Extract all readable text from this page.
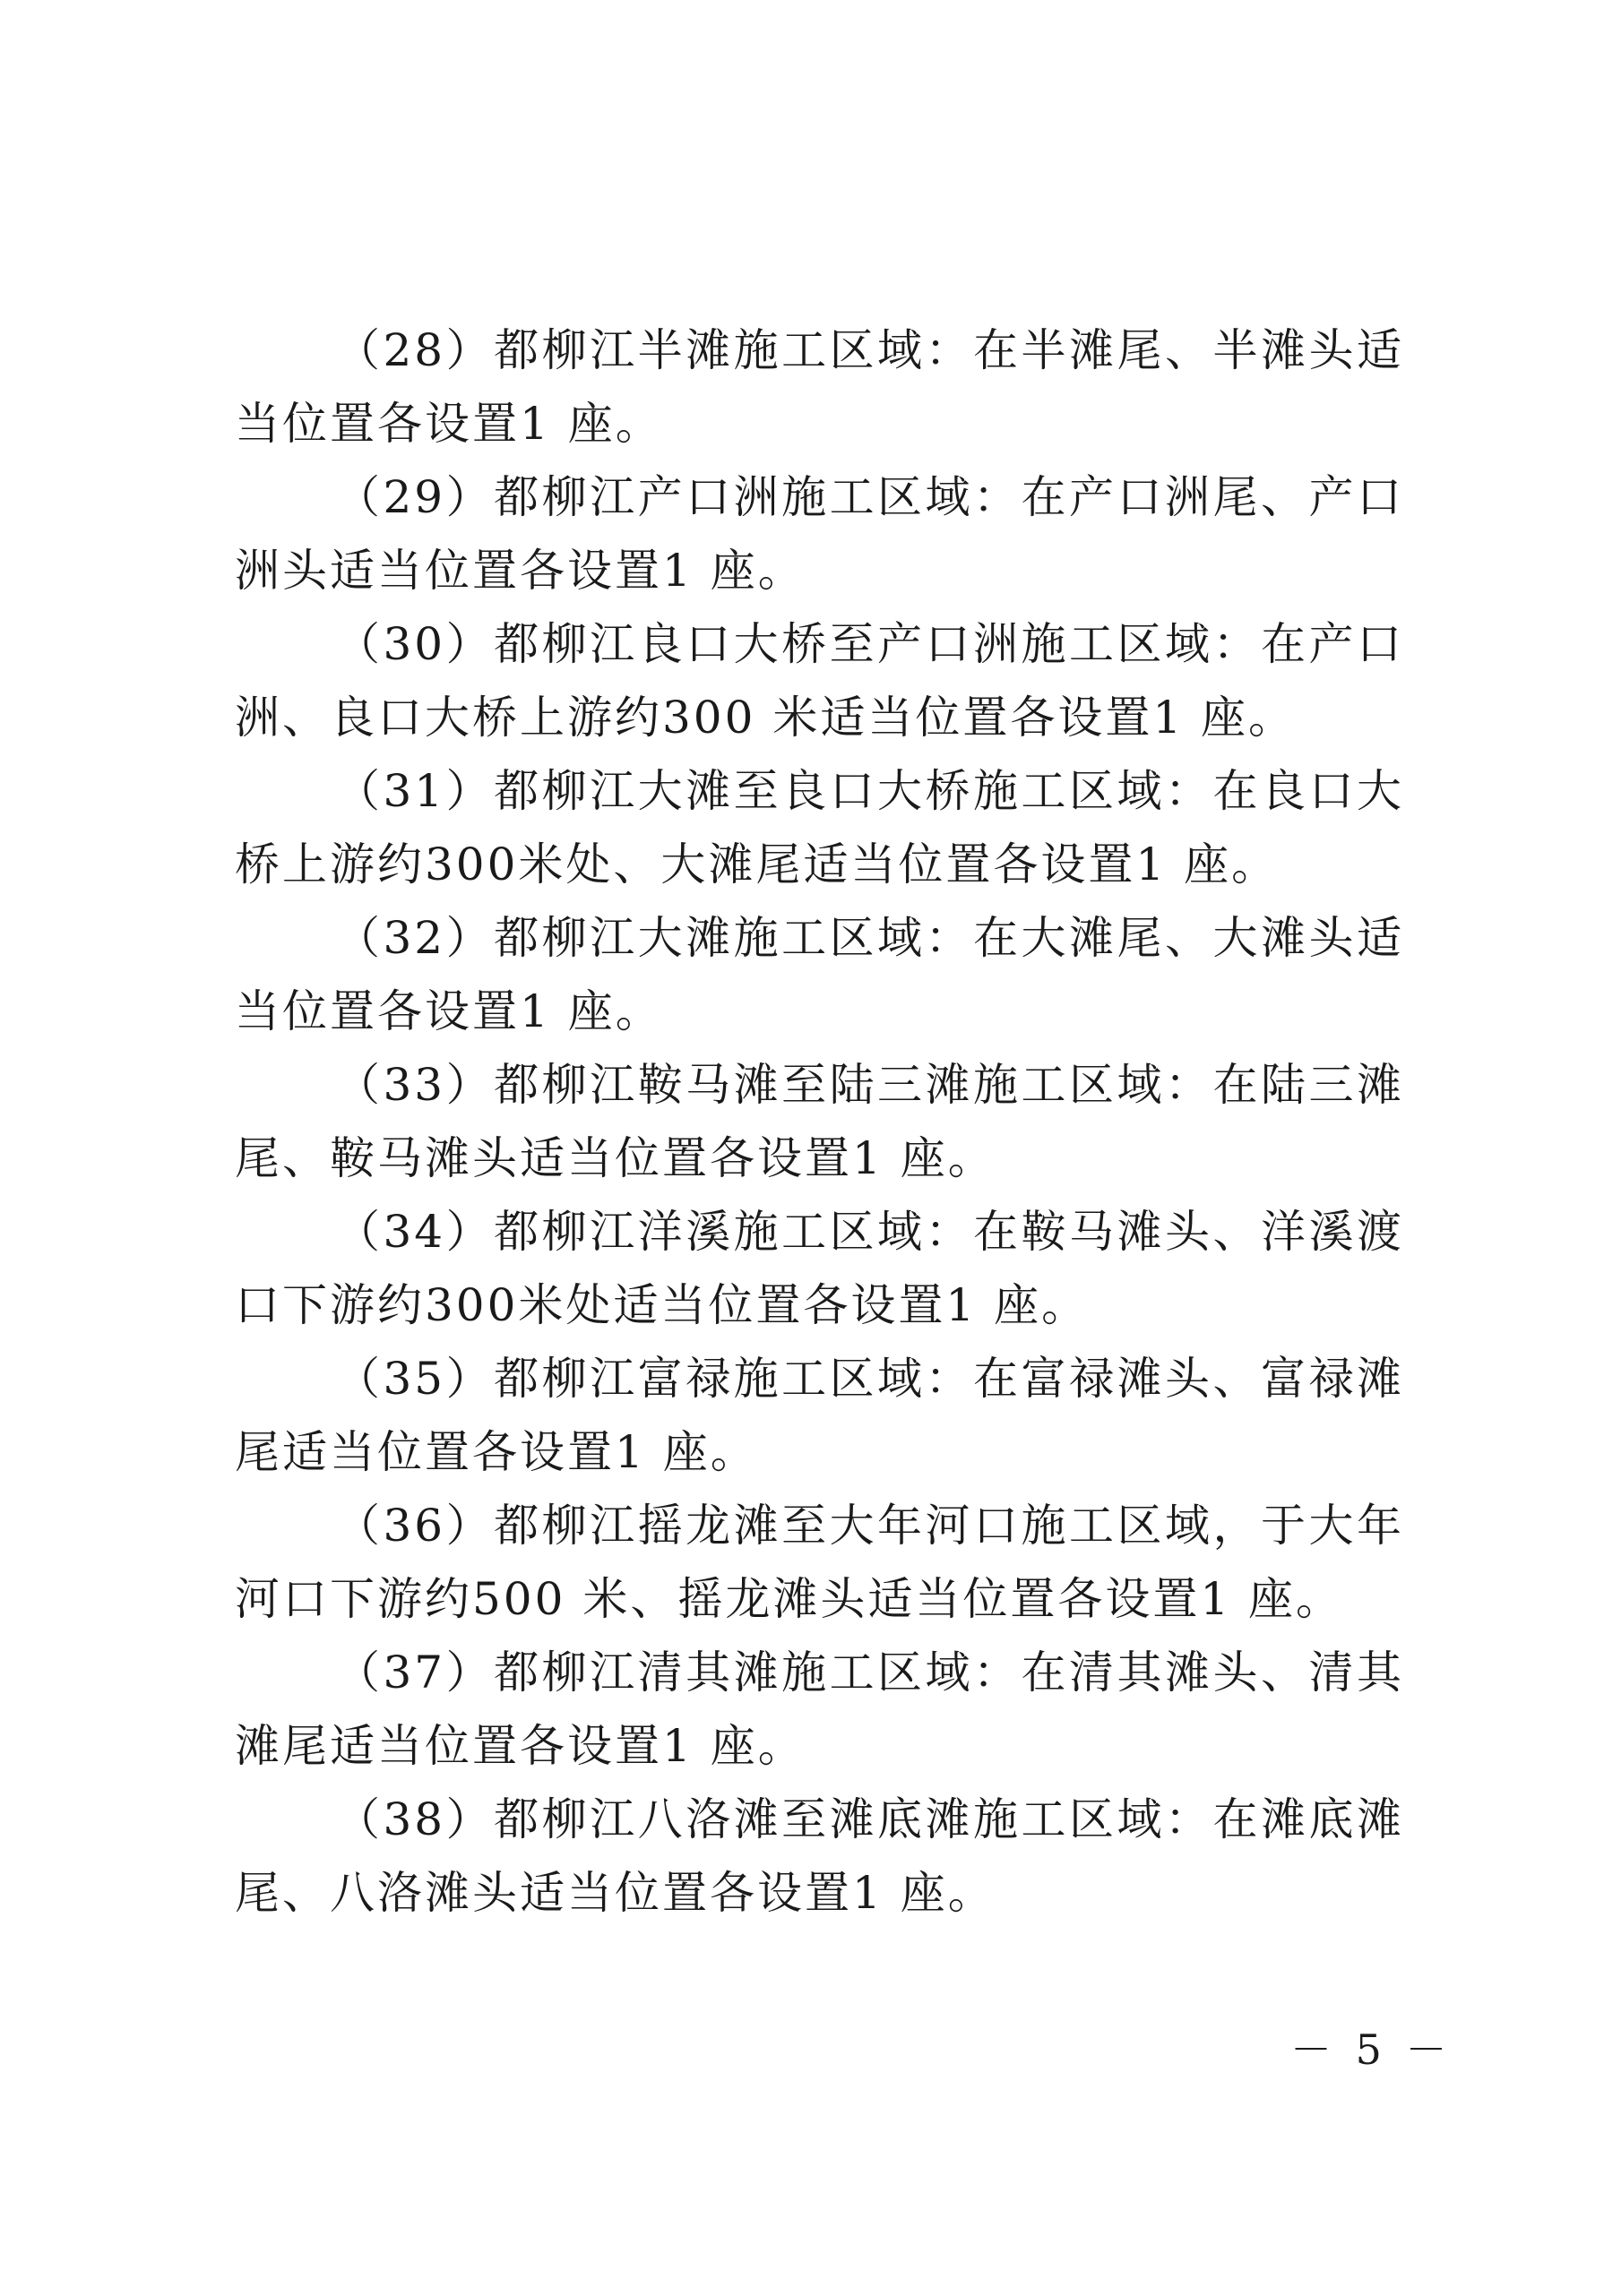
（28）都柳江半滩施工区域：在半滩尾、半滩头适当位置各设置1 座。

（29）都柳江产口洲施工区域：在产口洲尾、产口洲头适当位置各设置1 座。

（30）都柳江良口大桥至产口洲施工区域：在产口洲、良口大桥上游约300 米适当位置各设置1 座。

（31）都柳江大滩至良口大桥施工区域：在良口大桥上游约300米处、大滩尾适当位置各设置1 座。

（32）都柳江大滩施工区域：在大滩尾、大滩头适当位置各设置1 座。

（33）都柳江鞍马滩至陆三滩施工区域：在陆三滩尾、鞍马滩头适当位置各设置1 座。

（34）都柳江洋溪施工区域：在鞍马滩头、洋溪渡口下游约300米处适当位置各设置1 座。

（35）都柳江富禄施工区域：在富禄滩头、富禄滩尾适当位置各设置1 座。

（36）都柳江摇龙滩至大年河口施工区域，于大年河口下游约500 米、摇龙滩头适当位置各设置1 座。

（37）都柳江清其滩施工区域：在清其滩头、清其滩尾适当位置各设置1 座。

（38）都柳江八洛滩至滩底滩施工区域：在滩底滩尾、八洛滩头适当位置各设置1 座。

－ 5 －
